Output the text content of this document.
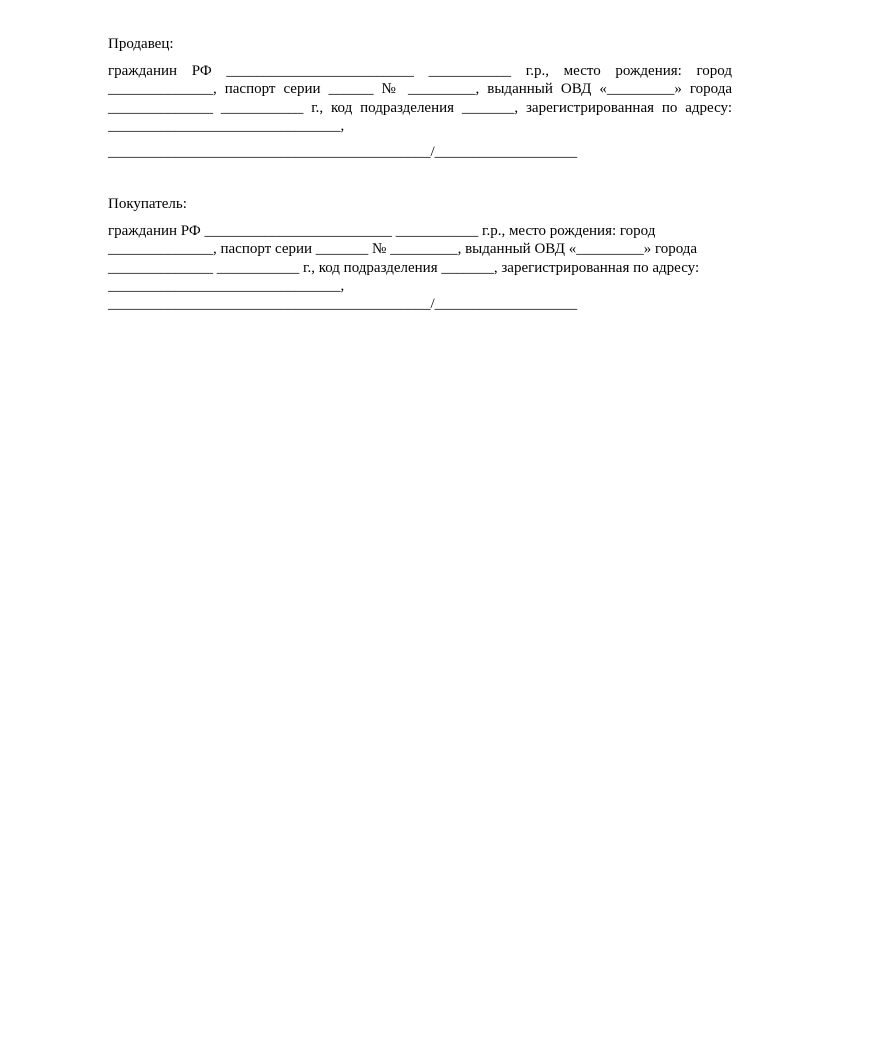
Продавец:

гражданин РФ _________________________ ___________ г.р., место рождения: город

______________, паспорт серии ______ № _________, выданный ОВД «_________» города

______________ ___________ г., код подразделения _______, зарегистрированная по адресу:

_______________________________,

___________________________________________/___________________

Покупатель:

гражданин РФ _________________________ ___________ г.р., место рождения: город

______________, паспорт серии _______ № _________, выданный ОВД «_________» города

______________ ___________ г., код подразделения _______, зарегистрированная по адресу:

_______________________________,

___________________________________________/___________________
